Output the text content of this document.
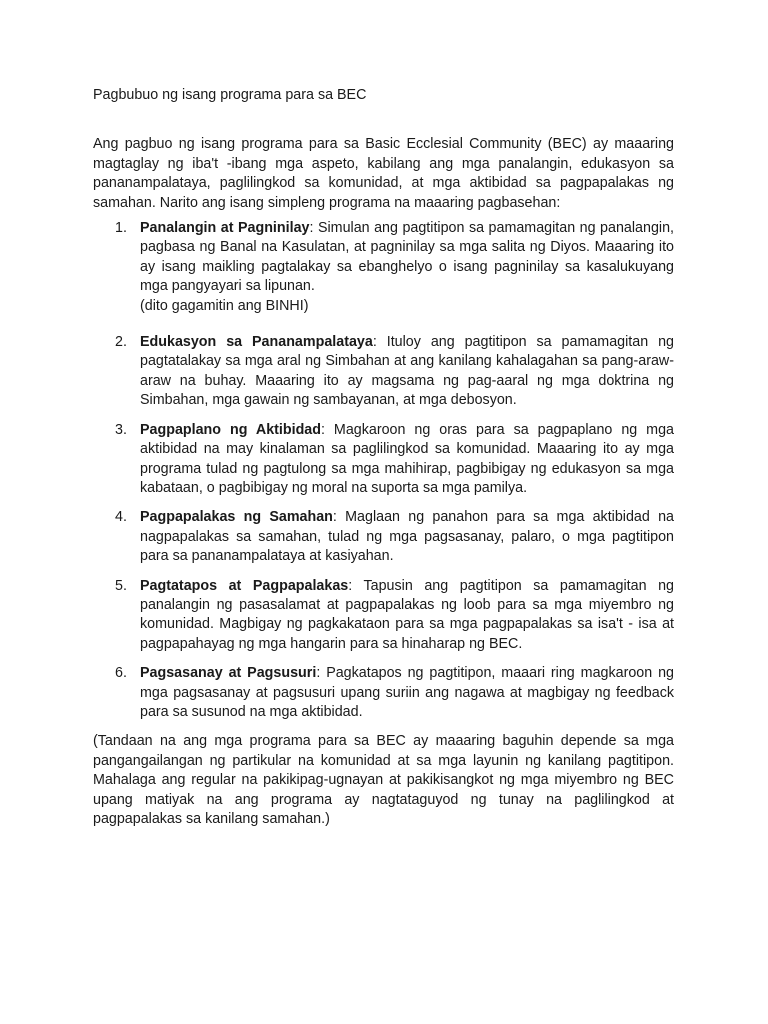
Pagbubuo ng isang programa para sa BEC

Ang pagbuo ng isang programa para sa Basic Ecclesial Community (BEC) ay maaaring magtaglay ng iba't -ibang mga aspeto, kabilang ang mga panalangin, edukasyon sa pananampalataya, paglilingkod sa komunidad, at mga aktibidad sa pagpapalakas ng samahan. Narito ang isang simpleng programa na maaaring pagbasehan:

1. Panalangin at Pagninilay: Simulan ang pagtitipon sa pamamagitan ng panalangin, pagbasa ng Banal na Kasulatan, at pagninilay sa mga salita ng Diyos. Maaaring ito ay isang maikling pagtalakay sa ebanghelyo o isang pagninilay sa kasalukuyang mga pangyayari sa lipunan.
(dito gagamitin ang BINHI)
2. Edukasyon sa Pananampalataya: Ituloy ang pagtitipon sa pamamagitan ng pagtatalakay sa mga aral ng Simbahan at ang kanilang kahalagahan sa pang-araw-araw na buhay. Maaaring ito ay magsama ng pag-aaral ng mga doktrina ng Simbahan, mga gawain ng sambayanan, at mga debosyon.
3. Pagpaplano ng Aktibidad: Magkaroon ng oras para sa pagpaplano ng mga aktibidad na may kinalaman sa paglilingkod sa komunidad. Maaaring ito ay mga programa tulad ng pagtulong sa mga mahihirap, pagbibigay ng edukasyon sa mga kabataan, o pagbibigay ng moral na suporta sa mga pamilya.
4. Pagpapalakas ng Samahan: Maglaan ng panahon para sa mga aktibidad na nagpapalakas sa samahan, tulad ng mga pagsasanay, palaro, o mga pagtitipon para sa pananampalataya at kasiyahan.
5. Pagtatapos at Pagpapalakas: Tapusin ang pagtitipon sa pamamagitan ng panalangin ng pasasalamat at pagpapalakas ng loob para sa mga miyembro ng komunidad. Magbigay ng pagkakataon para sa mga pagpapalakas sa isa't - isa at pagpapahayag ng mga hangarin para sa hinaharap ng BEC.
6. Pagsasanay at Pagsusuri: Pagkatapos ng pagtitipon, maaari ring magkaroon ng mga pagsasanay at pagsusuri upang suriin ang nagawa at magbigay ng feedback para sa susunod na mga aktibidad.

(Tandaan na ang mga programa para sa BEC ay maaaring baguhin depende sa mga pangangailangan ng partikular na komunidad at sa mga layunin ng kanilang pagtitipon. Mahalaga ang regular na pakikipag-ugnayan at pakikisangkot ng mga miyembro ng BEC upang matiyak na ang programa ay nagtataguyod ng tunay na paglilingkod at pagpapalakas sa kanilang samahan.)
